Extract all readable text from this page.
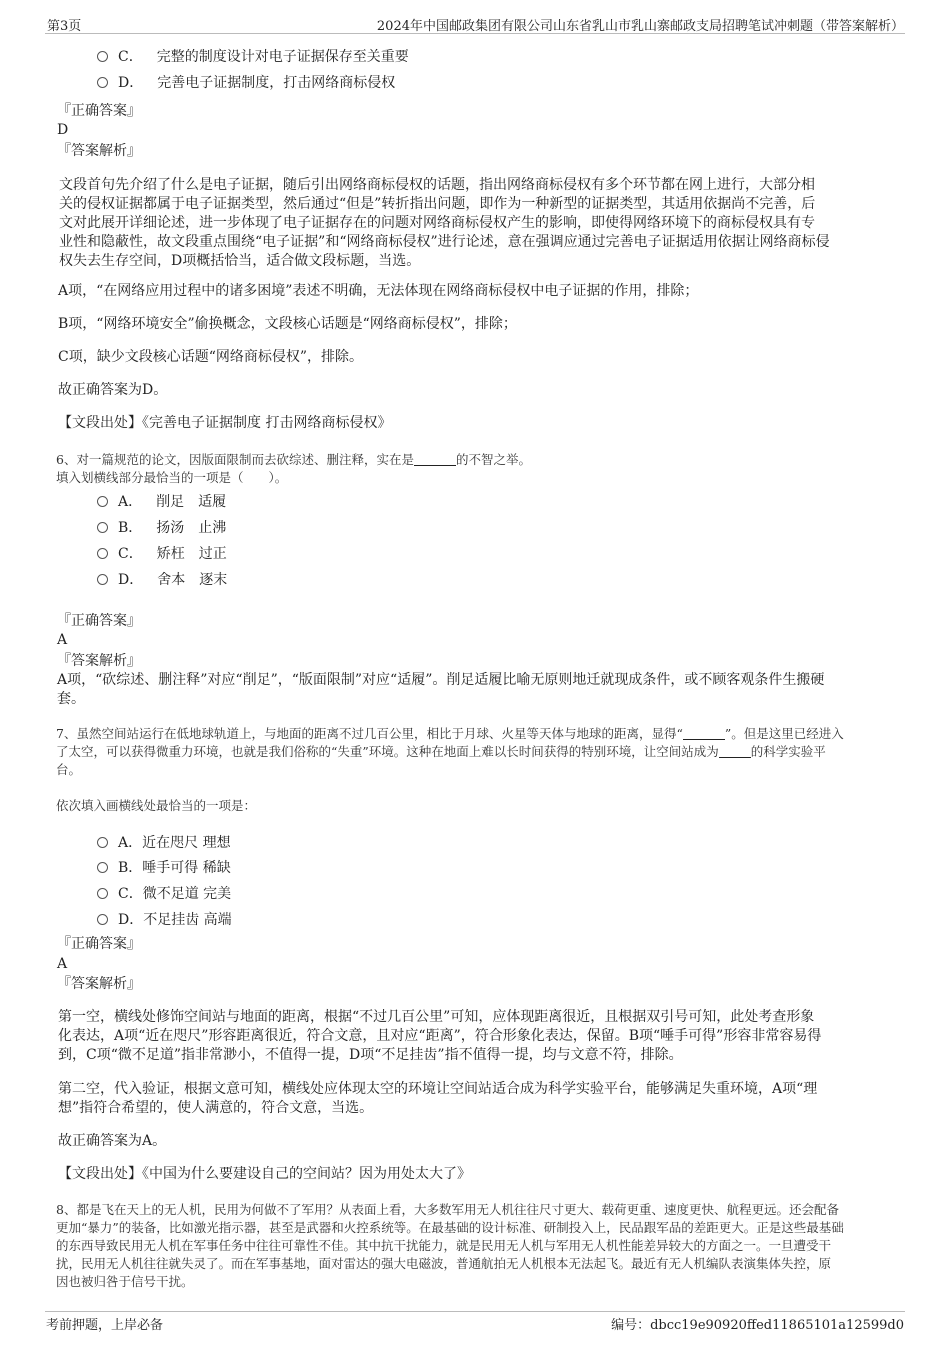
第3页	2024年中国邮政集团有限公司山东省乳山市乳山寨邮政支局招聘笔试冲刺题（带答案解析）
C． 完整的制度设计对电子证据保存至关重要
D． 完善电子证据制度，打击网络商标侵权
『正确答案』
D
『答案解析』
文段首句先介绍了什么是电子证据，随后引出网络商标侵权的话题，指出网络商标侵权有多个环节都在网上进行，大部分相
关的侵权证据都属于电子证据类型，然后通过“但是”转折指出问题，即作为一种新型的证据类型，其适用依据尚不完善，后
文对此展开详细论述，进一步体现了电子证据存在的问题对网络商标侵权产生的影响，即使得网络环境下的商标侵权具有专
业性和隐蔽性，故文段重点围绕“电子证据”和“网络商标侵权”进行论述，意在强调应通过完善电子证据适用依据让网络商标侵
权失去生存空间，D项概括恰当，适合做文段标题，当选。
A项，“在网络应用过程中的诸多困境”表述不明确，无法体现在网络商标侵权中电子证据的作用，排除；
B项，“网络环境安全”偷换概念，文段核心话题是“网络商标侵权”，排除；
C项，缺少文段核心话题“网络商标侵权”，排除。
故正确答案为D。
【文段出处】《完善电子证据制度 打击网络商标侵权》
6、对一篇规范的论文，因版面限制而去砍综述、删注释，实在是	的不智之举。
填入划横线部分最恰当的一项是（　　）。
A． 削足 适履
B． 扬汤 止沸
C． 矫枉 过正
D． 舍本 逐末
『正确答案』
A
『答案解析』
A项，“砍综述、删注释”对应“削足”，“版面限制”对应“适履”。削足适履比喻无原则地迁就现成条件，或不顾客观条件生搬硬
套。
7、虽然空间站运行在低地球轨道上，与地面的距离不过几百公里，相比于月球、火星等天体与地球的距离，显得“	”。但是这里已经进入
了太空，可以获得微重力环境，也就是我们俗称的“失重”环境。这种在地面上难以长时间获得的特别环境，让空间站成为	的科学实验平
台。
依次填入画横线处最恰当的一项是：
A．近在咫尺 理想
B．唾手可得 稀缺
C．微不足道 完美
D．不足挂齿 高端
『正确答案』
A
『答案解析』
第一空，横线处修饰空间站与地面的距离，根据“不过几百公里”可知，应体现距离很近，且根据双引号可知，此处考查形象
化表达，A项“近在咫尺”形容距离很近，符合文意，且对应“距离”，符合形象化表达，保留。B项“唾手可得”形容非常容易得
到，C项“微不足道”指非常渺小，不值得一提，D项“不足挂齿”指不值得一提，均与文意不符，排除。
第二空，代入验证，根据文意可知，横线处应体现太空的环境让空间站适合成为科学实验平台，能够满足失重环境，A项“理
想”指符合希望的，使人满意的，符合文意，当选。
故正确答案为A。
【文段出处】《中国为什么要建设自己的空间站？因为用处太大了》
8、都是飞在天上的无人机，民用为何做不了军用？从表面上看，大多数军用无人机往往尺寸更大、载荷更重、速度更快、航程更远。还会配备
更加“暴力”的装备，比如激光指示器，甚至是武器和火控系统等。在最基础的设计标准、研制投入上，民品跟军品的差距更大。正是这些最基础
的东西导致民用无人机在军事任务中往往可靠性不佳。其中抗干扰能力，就是民用无人机与军用无人机性能差异较大的方面之一。一旦遭受干
扰，民用无人机往往就失灵了。而在军事基地，面对雷达的强大电磁波，普通航拍无人机根本无法起飞。最近有无人机编队表演集体失控，原
因也被归咎于信号干扰。
考前押题，上岸必备	编号：dbcc19e90920ffed11865101a12599d0
